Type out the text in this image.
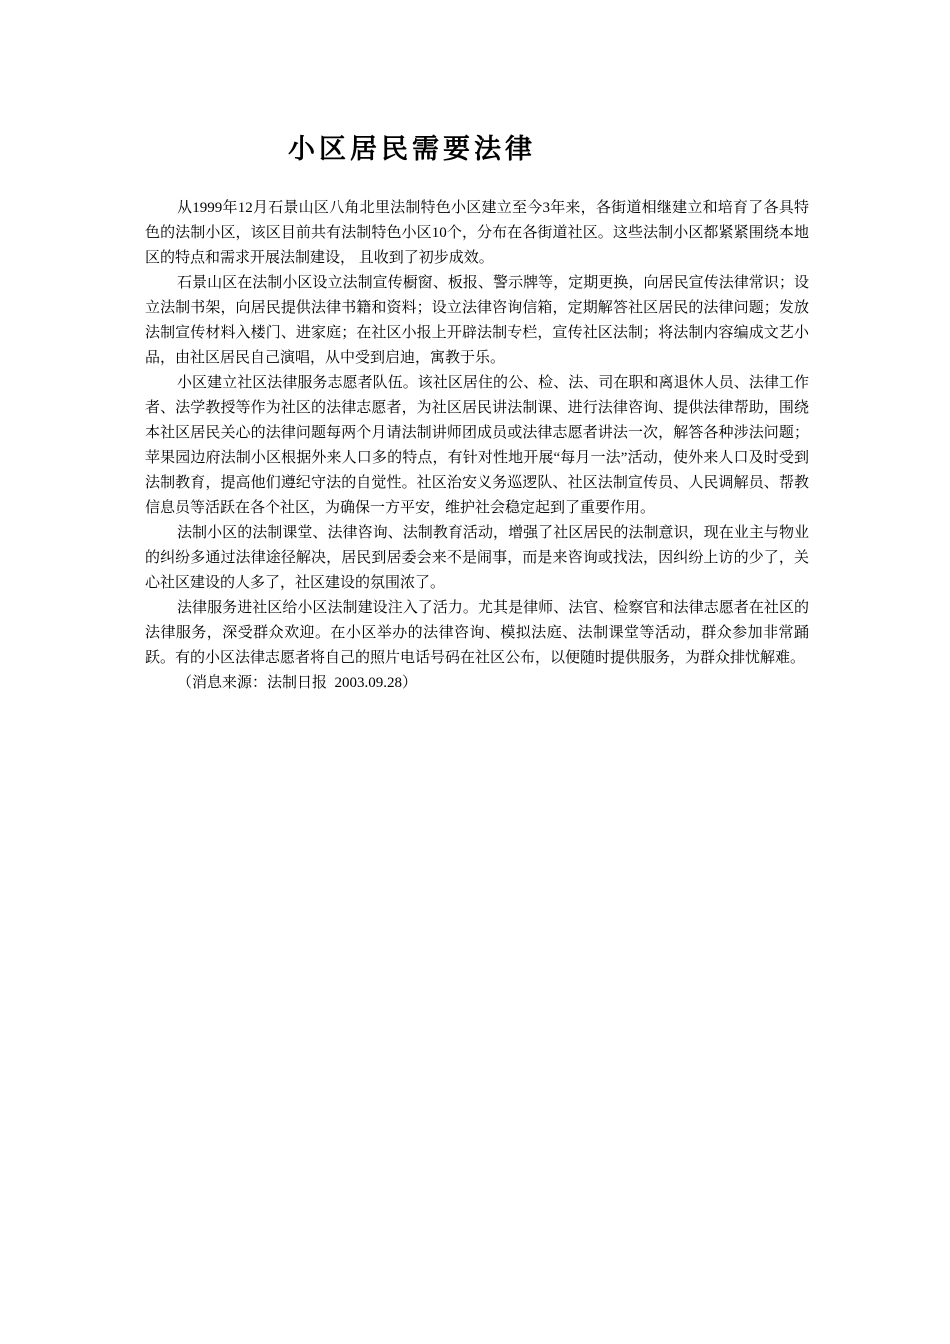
小区居民需要法律

从1999年12月石景山区八角北里法制特色小区建立至今3年来，各街道相继建立和培育了各具特色的法制小区，该区目前共有法制特色小区10个，分布在各街道社区。这些法制小区都紧紧围绕本地区的特点和需求开展法制建设， 且收到了初步成效。

石景山区在法制小区设立法制宣传橱窗、板报、警示牌等，定期更换，向居民宣传法律常识；设立法制书架，向居民提供法律书籍和资料；设立法律咨询信箱，定期解答社区居民的法律问题；发放法制宣传材料入楼门、进家庭；在社区小报上开辟法制专栏，宣传社区法制；将法制内容编成文艺小品，由社区居民自己演唱，从中受到启迪，寓教于乐。

小区建立社区法律服务志愿者队伍。该社区居住的公、检、法、司在职和离退休人员、法律工作者、法学教授等作为社区的法律志愿者，为社区居民讲法制课、进行法律咨询、提供法律帮助，围绕本社区居民关心的法律问题每两个月请法制讲师团成员或法律志愿者讲法一次，解答各种涉法问题；苹果园边府法制小区根据外来人口多的特点，有针对性地开展“每月一法”活动，使外来人口及时受到法制教育，提高他们遵纪守法的自觉性。社区治安义务巡逻队、社区法制宣传员、人民调解员、帮教信息员等活跃在各个社区，为确保一方平安，维护社会稳定起到了重要作用。

法制小区的法制课堂、法律咨询、法制教育活动，增强了社区居民的法制意识，现在业主与物业的纠纷多通过法律途径解决，居民到居委会来不是闹事，而是来咨询或找法，因纠纷上访的少了，关心社区建设的人多了，社区建设的氛围浓了。

法律服务进社区给小区法制建设注入了活力。尤其是律师、法官、检察官和法律志愿者在社区的法律服务，深受群众欢迎。在小区举办的法律咨询、模拟法庭、法制课堂等活动，群众参加非常踊跃。有的小区法律志愿者将自己的照片电话号码在社区公布，以便随时提供服务，为群众排忧解难。

（消息来源：法制日报  2003.09.28）
